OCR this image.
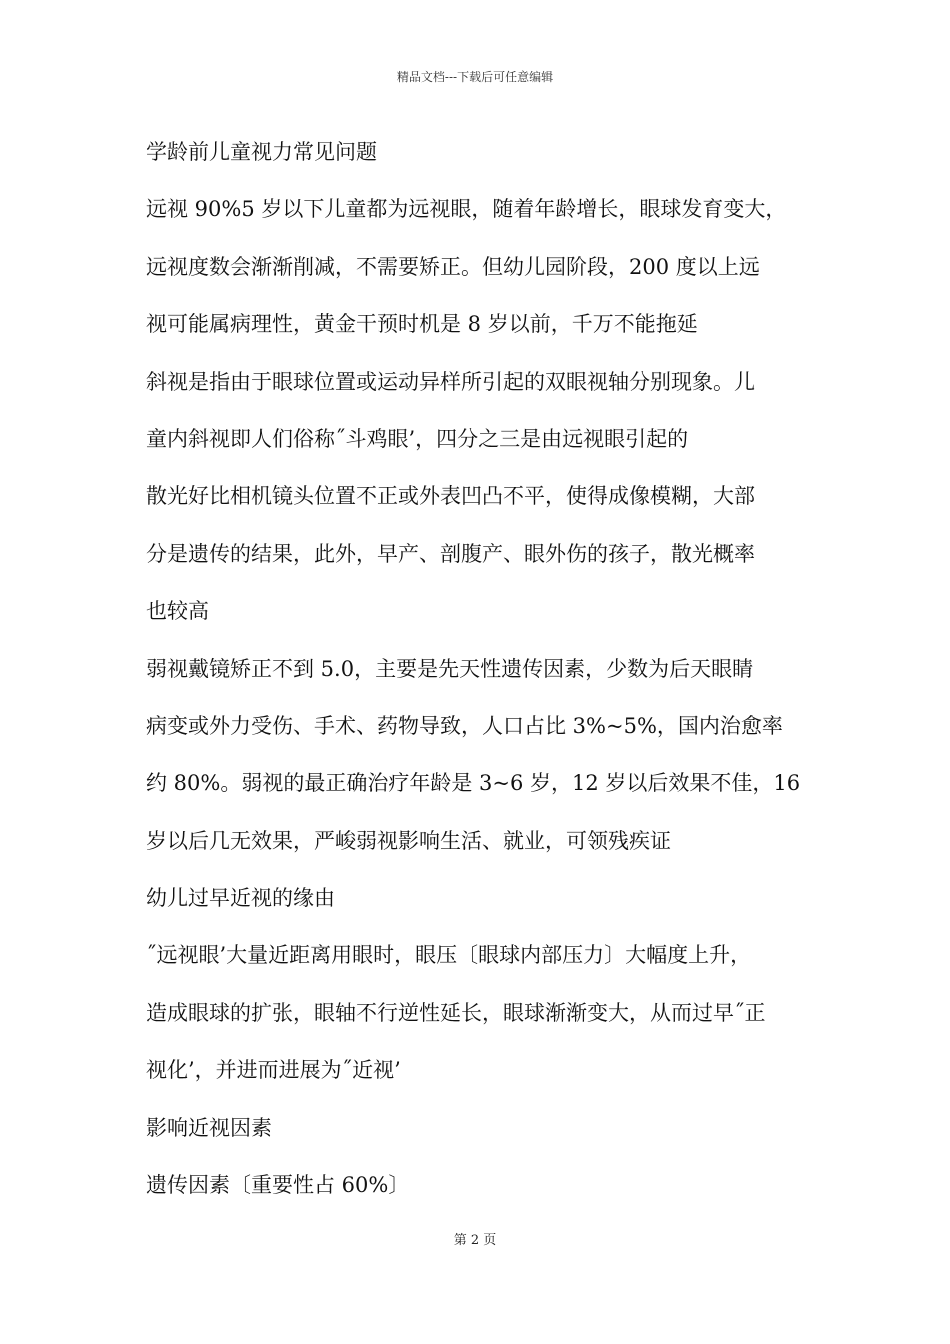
精品文档---下载后可任意编辑
学龄前儿童视力常见问题
远视 90%5 岁以下儿童都为远视眼，随着年龄增长，眼球发育变大，
远视度数会渐渐削减，不需要矫正。但幼儿园阶段，200 度以上远
视可能属病理性，黄金干预时机是 8 岁以前，千万不能拖延
斜视是指由于眼球位置或运动异样所引起的双眼视轴分别现象。儿
童内斜视即人们俗称˝斗鸡眼’，四分之三是由远视眼引起的
散光好比相机镜头位置不正或外表凹凸不平，使得成像模糊，大部
分是遗传的结果，此外，早产、剖腹产、眼外伤的孩子，散光概率
也较高
弱视戴镜矫正不到 5.0，主要是先天性遗传因素，少数为后天眼睛
病变或外力受伤、手术、药物导致，人口占比 3%~5%，国内治愈率
约 80%。弱视的最正确治疗年龄是 3~6 岁，12 岁以后效果不佳，16
岁以后几无效果，严峻弱视影响生活、就业，可领残疾证
幼儿过早近视的缘由
˝远视眼’大量近距离用眼时，眼压〔眼球内部压力〕大幅度上升，
造成眼球的扩张，眼轴不行逆性延长，眼球渐渐变大，从而过早˝正
视化’，并进而进展为˝近视’
影响近视因素
遗传因素〔重要性占 60%〕
第 2 页
